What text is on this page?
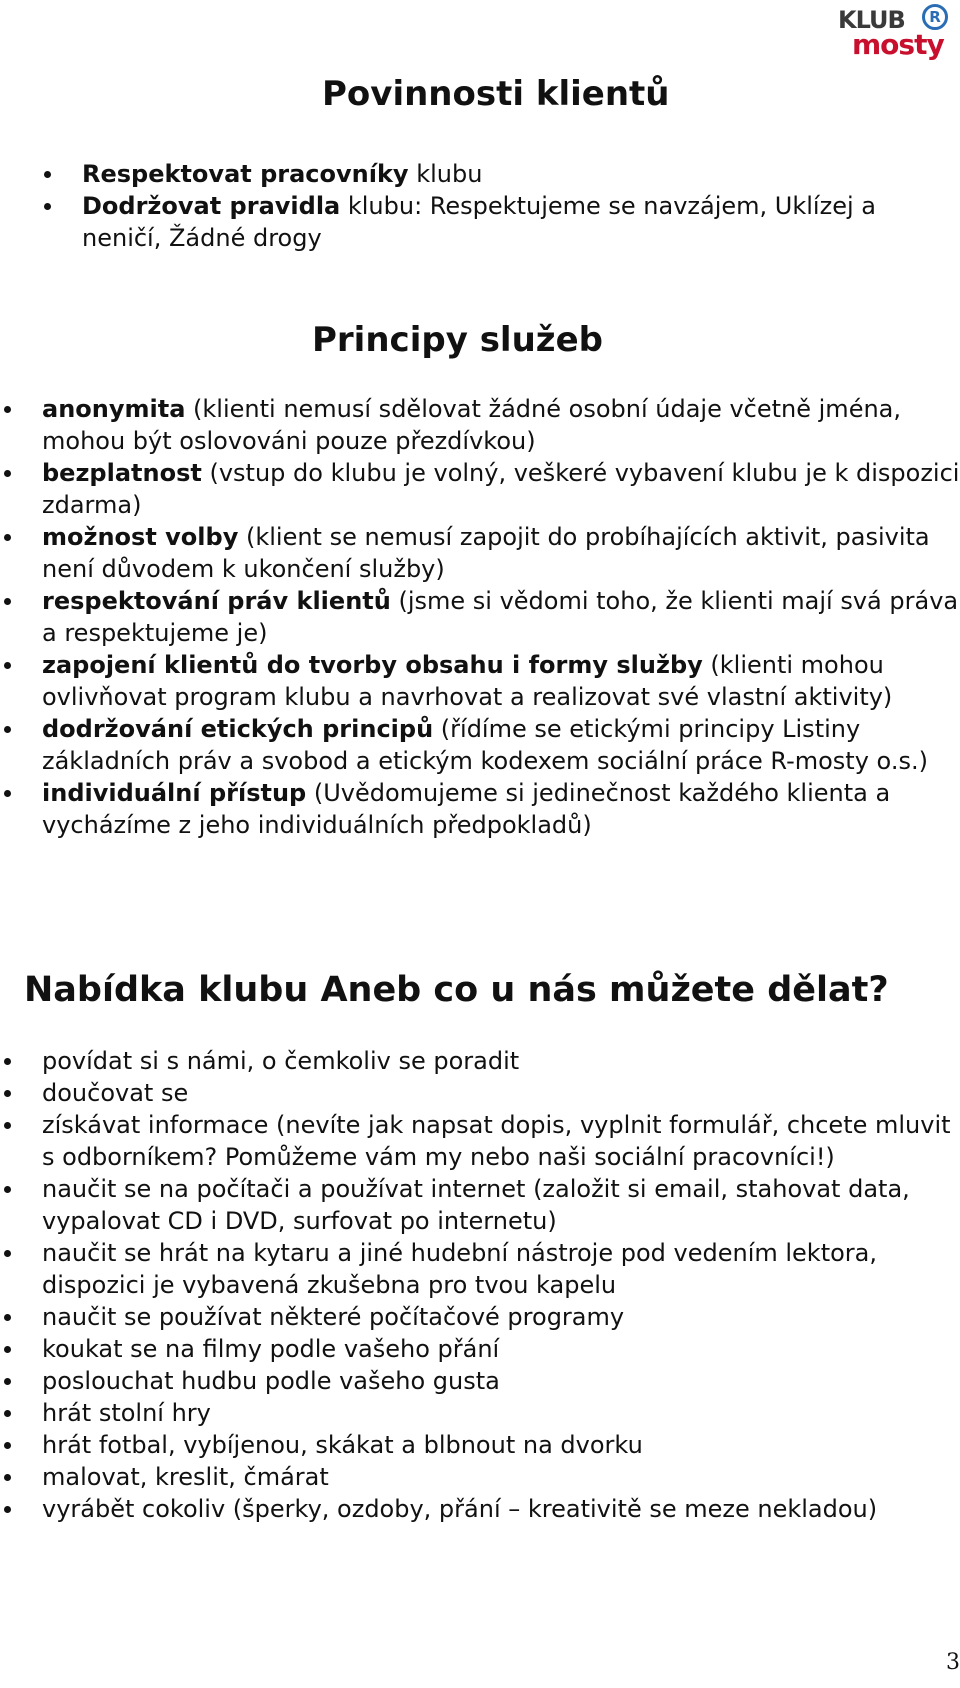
KLUB	R
mosty
Povinnosti klientů
Respektovat pracovníky klubu
Dodržovat pravidla klubu: Respektujeme se navzájem, Uklízej a neničí, Žádné drogy
Principy služeb
anonymita (klienti nemusí sdělovat žádné osobní údaje včetně jména, mohou být oslovováni pouze přezdívkou)
bezplatnost (vstup do klubu je volný, veškeré vybavení klubu je k dispozici zdarma)
možnost volby (klient se nemusí zapojit do probíhajících aktivit, pasivita není důvodem k ukončení služby)
respektování práv klientů (jsme si vědomi toho, že klienti mají svá práva a respektujeme je)
zapojení klientů do tvorby obsahu i formy služby (klienti mohou ovlivňovat program klubu a navrhovat a realizovat své vlastní aktivity)
dodržování etických principů (řídíme se etickými principy Listiny základních práv a svobod a etickým kodexem sociální práce R-mosty o.s.)
individuální přístup (Uvědomujeme si jedinečnost každého klienta a vycházíme z jeho individuálních předpokladů)
Nabídka klubu Aneb co u nás můžete dělat?
povídat si s námi, o čemkoliv se poradit
doučovat se
získávat informace (nevíte jak napsat dopis, vyplnit formulář, chcete mluvit s odborníkem? Pomůžeme vám my nebo naši sociální pracovníci!)
naučit se na počítači a používat internet (založit si email, stahovat data, vypalovat CD i DVD, surfovat po internetu)
naučit se hrát na kytaru a jiné hudební nástroje pod vedením lektora, dispozici je vybavená zkušebna pro tvou kapelu
naučit se používat některé počítačové programy
koukat se na filmy podle vašeho přání
poslouchat hudbu podle vašeho gusta
hrát stolní hry
hrát fotbal, vybíjenou, skákat a blbnout na dvorku
malovat, kreslit, čmárat
vyrábět cokoliv (šperky, ozdoby, přání – kreativitě se meze nekladou)
3
